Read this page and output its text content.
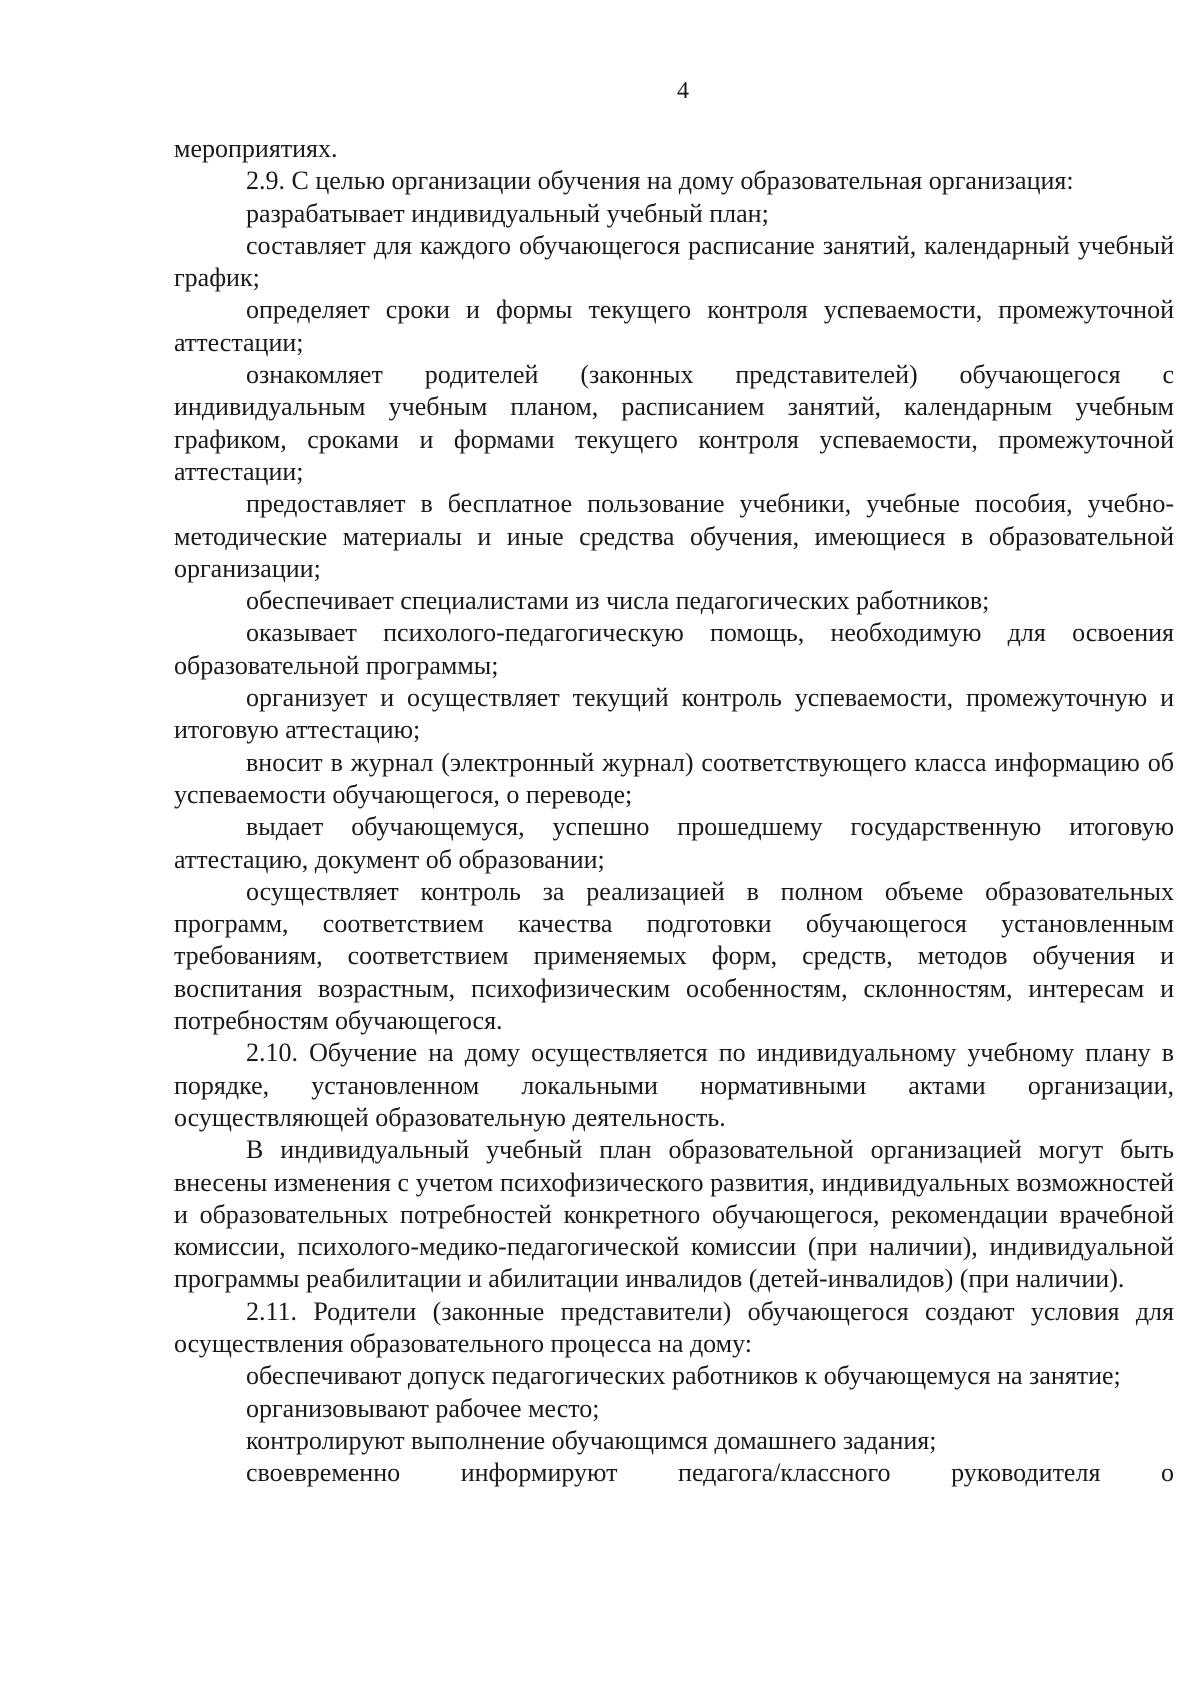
4

мероприятиях.

2.9. С целью организации обучения на дому образовательная организация:

разрабатывает индивидуальный учебный план;

составляет для каждого обучающегося расписание занятий, календарный учебный график;

определяет сроки и формы текущего контроля успеваемости, промежуточной аттестации;

ознакомляет родителей (законных представителей) обучающегося с индивидуальным учебным планом, расписанием занятий, календарным учебным графиком, сроками и формами текущего контроля успеваемости, промежуточной аттестации;

предоставляет в бесплатное пользование учебники, учебные пособия, учебно-методические материалы и иные средства обучения, имеющиеся в образовательной организации;

обеспечивает специалистами из числа педагогических работников;

оказывает психолого-педагогическую помощь, необходимую для освоения образовательной программы;

организует и осуществляет текущий контроль успеваемости, промежуточную и итоговую аттестацию;

вносит в журнал (электронный журнал) соответствующего класса информацию об успеваемости обучающегося, о переводе;

выдает обучающемуся, успешно прошедшему государственную итоговую аттестацию, документ об образовании;

осуществляет контроль за реализацией в полном объеме образовательных программ, соответствием качества подготовки обучающегося установленным требованиям, соответствием применяемых форм, средств, методов обучения и воспитания возрастным, психофизическим особенностям, склонностям, интересам и потребностям обучающегося.

2.10. Обучение на дому осуществляется по индивидуальному учебному плану в порядке, установленном локальными нормативными актами организации, осуществляющей образовательную деятельность.

В индивидуальный учебный план образовательной организацией могут быть внесены изменения с учетом психофизического развития, индивидуальных возможностей и образовательных потребностей конкретного обучающегося, рекомендации врачебной комиссии, психолого-медико-педагогической комиссии (при наличии), индивидуальной программы реабилитации и абилитации инвалидов (детей-инвалидов) (при наличии).

2.11. Родители (законные представители) обучающегося создают условия для осуществления образовательного процесса на дому:

обеспечивают допуск педагогических работников к обучающемуся на занятие;

организовывают рабочее место;

контролируют выполнение обучающимся домашнего задания;

своевременно информируют педагога/классного руководителя о
